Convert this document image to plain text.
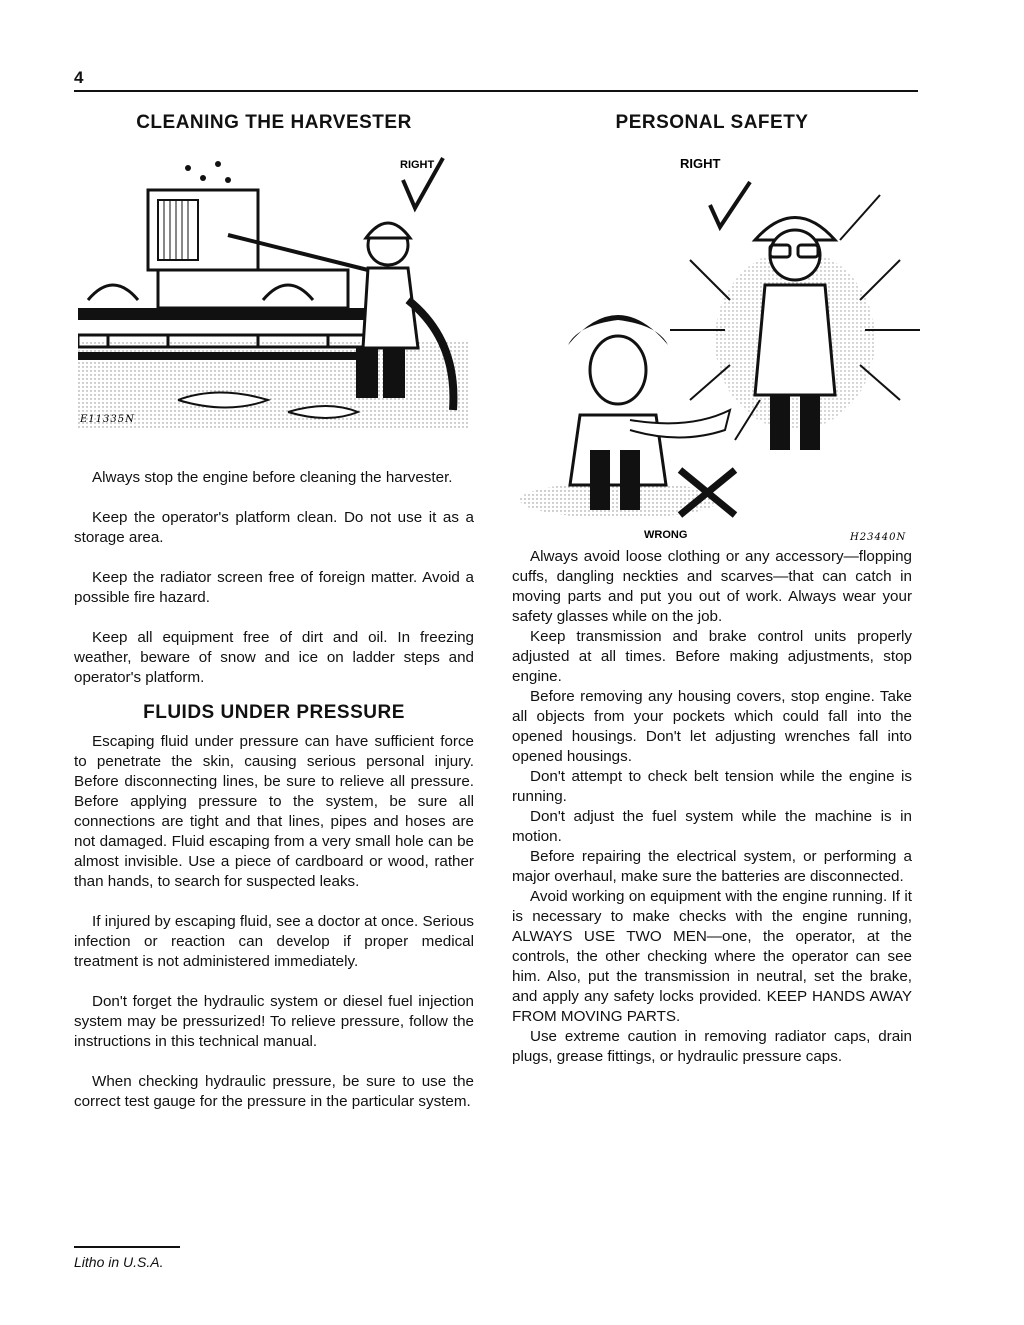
4
RIGHT
E11335N
RIGHT
WRONG	H23440N
CLEANING THE HARVESTER

Always stop the engine before cleaning the harvester.

Keep the operator's platform clean. Do not use it as a storage area.

Keep the radiator screen free of foreign matter. Avoid a possible fire hazard.

Keep all equipment free of dirt and oil. In freezing weather, beware of snow and ice on ladder steps and operator's platform.

FLUIDS UNDER PRESSURE

Escaping fluid under pressure can have sufficient force to penetrate the skin, causing serious personal injury. Before disconnecting lines, be sure to relieve all pressure. Before applying pressure to the system, be sure all connections are tight and that lines, pipes and hoses are not damaged. Fluid escaping from a very small hole can be almost invisible. Use a piece of cardboard or wood, rather than hands, to search for suspected leaks.

If injured by escaping fluid, see a doctor at once. Serious infection or reaction can develop if proper medical treatment is not administered immediately.

Don't forget the hydraulic system or diesel fuel injection system may be pressurized! To relieve pressure, follow the instructions in this technical manual.

When checking hydraulic pressure, be sure to use the correct test gauge for the pressure in the particular system.

PERSONAL SAFETY

Always avoid loose clothing or any accessory—flopping cuffs, dangling neckties and scarves—that can catch in moving parts and put you out of work. Always wear your safety glasses while on the job.

Keep transmission and brake control units properly adjusted at all times. Before making adjustments, stop engine.

Before removing any housing covers, stop engine. Take all objects from your pockets which could fall into the opened housings. Don't let adjusting wrenches fall into opened housings.

Don't attempt to check belt tension while the engine is running.

Don't adjust the fuel system while the machine is in motion.

Before repairing the electrical system, or performing a major overhaul, make sure the batteries are disconnected.

Avoid working on equipment with the engine running. If it is necessary to make checks with the engine running, ALWAYS USE TWO MEN—one, the operator, at the controls, the other checking where the operator can see him. Also, put the transmission in neutral, set the brake, and apply any safety locks provided. KEEP HANDS AWAY FROM MOVING PARTS.

Use extreme caution in removing radiator caps, drain plugs, grease fittings, or hydraulic pressure caps.

Litho in U.S.A.
